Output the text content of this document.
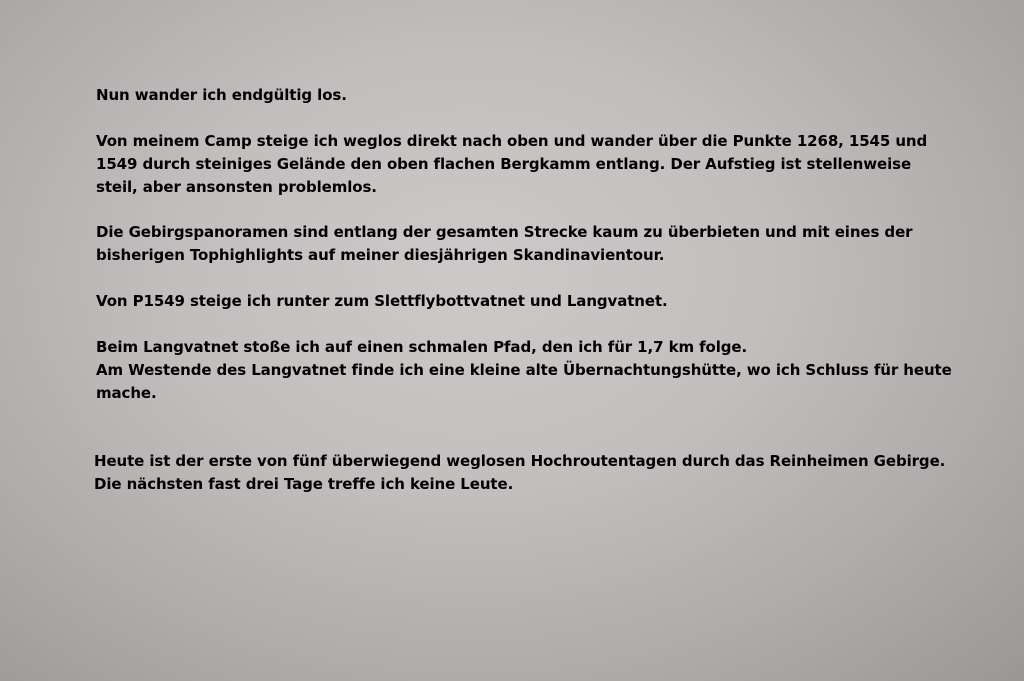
Nun wander ich endgültig los.

Von meinem Camp steige ich weglos direkt nach oben und wander über die Punkte 1268, 1545 und
1549 durch steiniges Gelände den oben flachen Bergkamm entlang. Der Aufstieg ist stellenweise
steil, aber ansonsten problemlos.

Die Gebirgspanoramen sind entlang der gesamten Strecke kaum zu überbieten und mit eines der
bisherigen Tophighlights auf meiner diesjährigen Skandinavientour.

Von P1549 steige ich runter zum Slettflybottvatnet und Langvatnet.

Beim Langvatnet stoße ich auf einen schmalen Pfad, den ich für 1,7 km folge.
Am Westende des Langvatnet finde ich eine kleine alte Übernachtungshütte, wo ich Schluss für heute
mache.

Heute ist der erste von fünf überwiegend weglosen Hochroutentagen durch das Reinheimen Gebirge.
Die nächsten fast drei Tage treffe ich keine Leute.
